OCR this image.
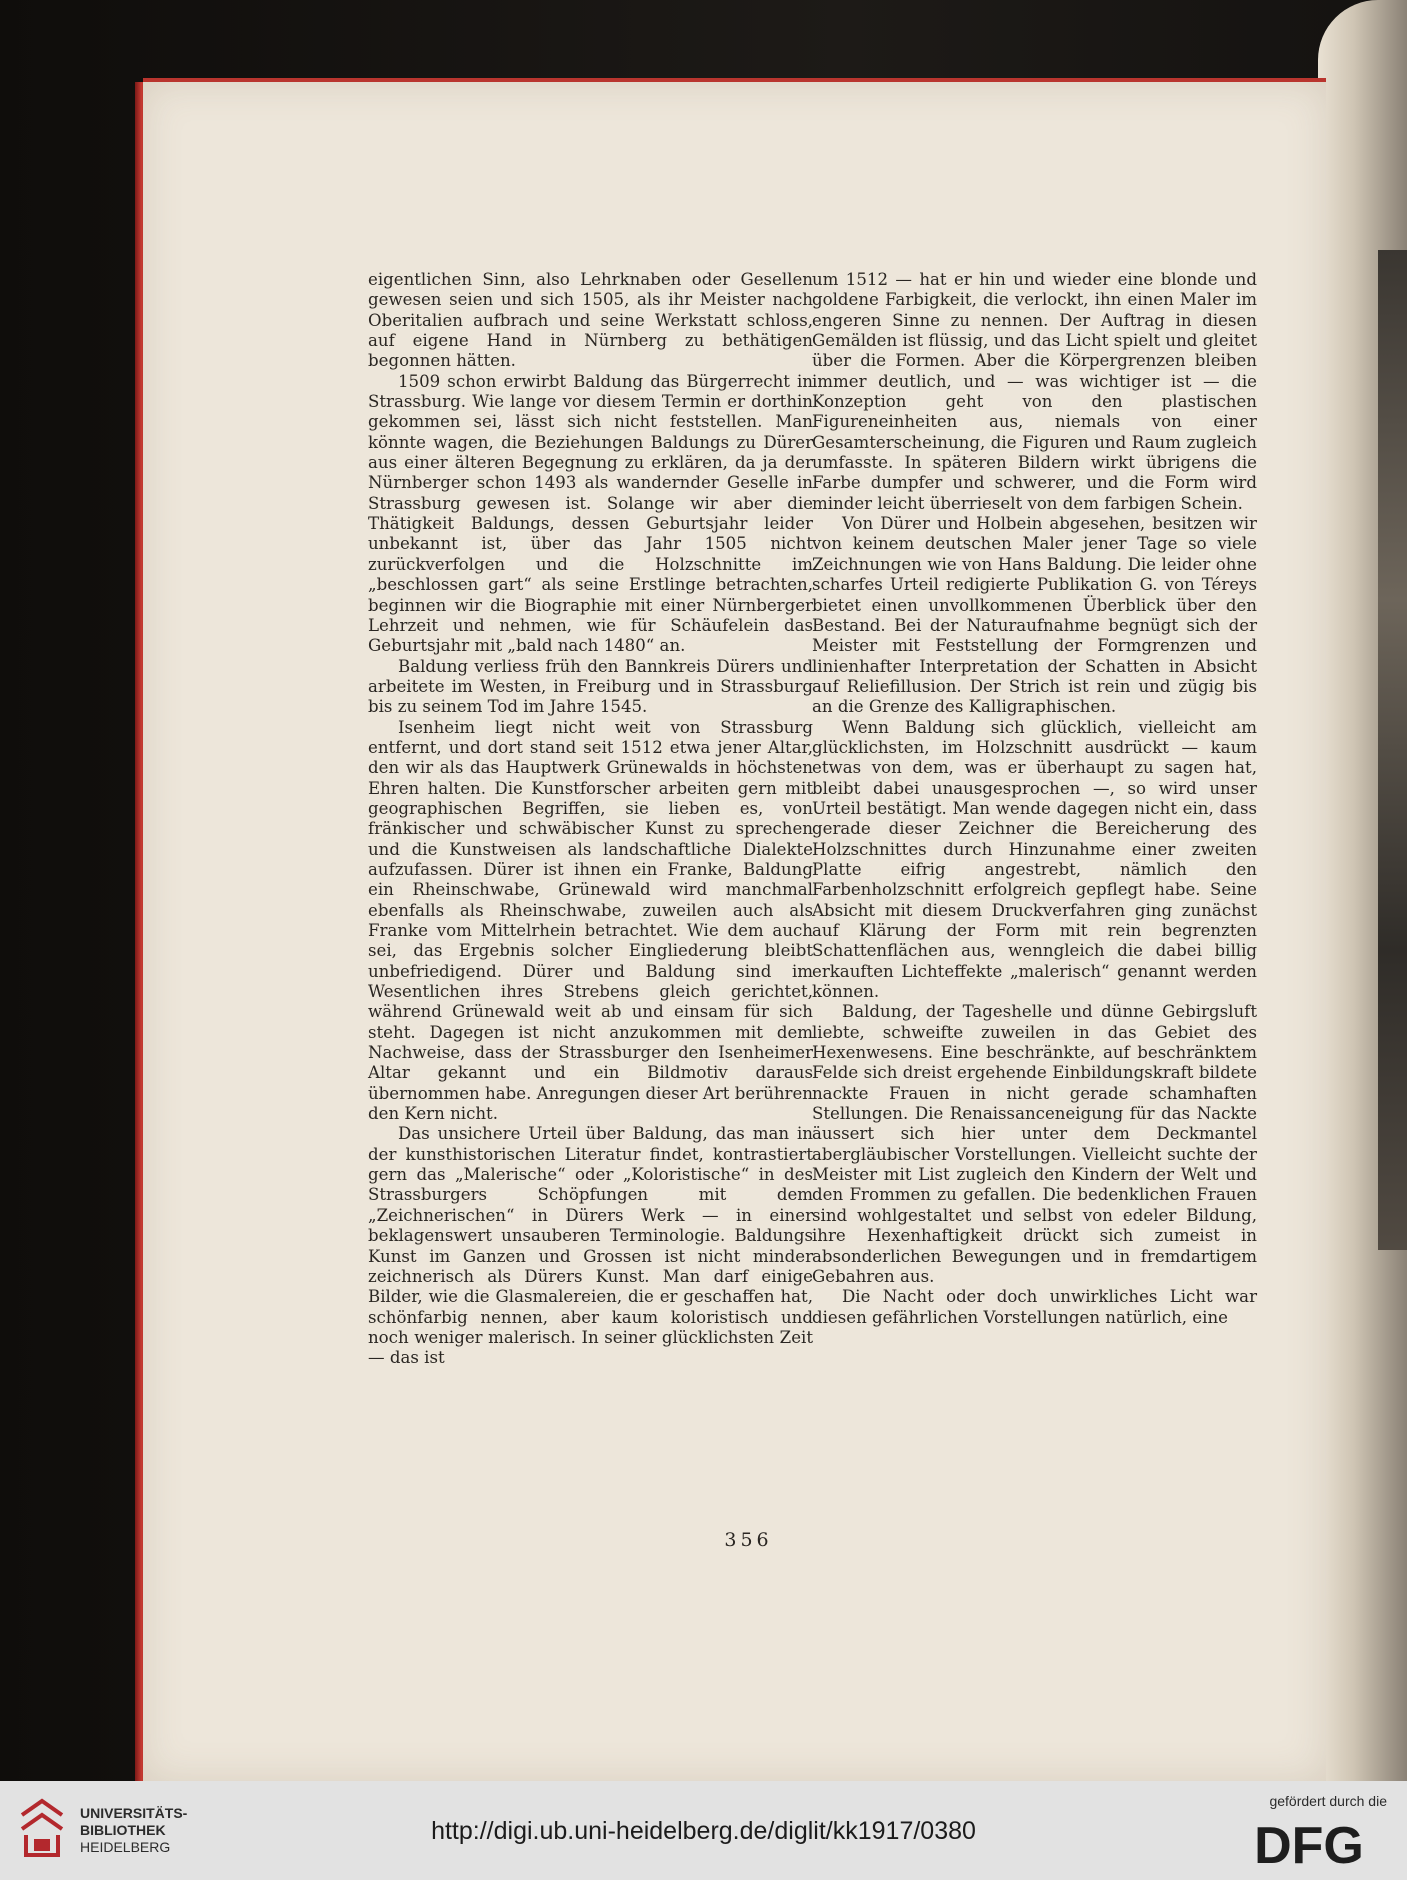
eigentlichen Sinn, also Lehrknaben oder Gesellen gewesen seien und sich 1505, als ihr Meister nach Oberitalien aufbrach und seine Werkstatt schloss, auf eigene Hand in Nürnberg zu bethätigen begonnen hätten.

1509 schon erwirbt Baldung das Bürgerrecht in Strassburg. Wie lange vor diesem Termin er dorthin gekommen sei, lässt sich nicht feststellen. Man könnte wagen, die Beziehungen Baldungs zu Dürer aus einer älteren Begegnung zu erklären, da ja der Nürnberger schon 1493 als wandernder Geselle in Strassburg gewesen ist. Solange wir aber die Thätigkeit Baldungs, dessen Geburtsjahr leider unbekannt ist, über das Jahr 1505 nicht zurückverfolgen und die Holzschnitte im „beschlossen gart“ als seine Erstlinge betrachten, beginnen wir die Biographie mit einer Nürnberger Lehrzeit und nehmen, wie für Schäufelein das Geburtsjahr mit „bald nach 1480“ an.

Baldung verliess früh den Bannkreis Dürers und arbeitete im Westen, in Freiburg und in Strassburg bis zu seinem Tod im Jahre 1545.

Isenheim liegt nicht weit von Strassburg entfernt, und dort stand seit 1512 etwa jener Altar, den wir als das Hauptwerk Grünewalds in höchsten Ehren halten. Die Kunstforscher arbeiten gern mit geographischen Begriffen, sie lieben es, von fränkischer und schwäbischer Kunst zu sprechen und die Kunstweisen als landschaftliche Dialekte aufzufassen. Dürer ist ihnen ein Franke, Baldung ein Rheinschwabe, Grünewald wird manchmal ebenfalls als Rheinschwabe, zuweilen auch als Franke vom Mittelrhein betrachtet. Wie dem auch sei, das Ergebnis solcher Eingliederung bleibt unbefriedigend. Dürer und Baldung sind im Wesentlichen ihres Strebens gleich gerichtet, während Grünewald weit ab und einsam für sich steht. Dagegen ist nicht anzukommen mit dem Nachweise, dass der Strassburger den Isenheimer Altar gekannt und ein Bildmotiv daraus übernommen habe. Anregungen dieser Art berühren den Kern nicht.

Das unsichere Urteil über Baldung, das man in der kunsthistorischen Literatur findet, kontrastiert gern das „Malerische“ oder „Koloristische“ in des Strassburgers Schöpfungen mit dem „Zeichnerischen“ in Dürers Werk — in einer beklagenswert unsauberen Terminologie. Baldungs Kunst im Ganzen und Grossen ist nicht minder zeichnerisch als Dürers Kunst. Man darf einige Bilder, wie die Glasmalereien, die er geschaffen hat, schönfarbig nennen, aber kaum koloristisch und noch weniger malerisch. In seiner glücklichsten Zeit — das ist

um 1512 — hat er hin und wieder eine blonde und goldene Farbigkeit, die verlockt, ihn einen Maler im engeren Sinne zu nennen. Der Auftrag in diesen Gemälden ist flüssig, und das Licht spielt und gleitet über die Formen. Aber die Körpergrenzen bleiben immer deutlich, und — was wichtiger ist — die Konzeption geht von den plastischen Figureneinheiten aus, niemals von einer Gesamterscheinung, die Figuren und Raum zugleich umfasste. In späteren Bildern wirkt übrigens die Farbe dumpfer und schwerer, und die Form wird minder leicht überrieselt von dem farbigen Schein.

Von Dürer und Holbein abgesehen, besitzen wir von keinem deutschen Maler jener Tage so viele Zeichnungen wie von Hans Baldung. Die leider ohne scharfes Urteil redigierte Publikation G. von Téreys bietet einen unvollkommenen Überblick über den Bestand. Bei der Naturaufnahme begnügt sich der Meister mit Feststellung der Formgrenzen und linienhafter Interpretation der Schatten in Absicht auf Reliefillusion. Der Strich ist rein und zügig bis an die Grenze des Kalligraphischen.

Wenn Baldung sich glücklich, vielleicht am glücklichsten, im Holzschnitt ausdrückt — kaum etwas von dem, was er überhaupt zu sagen hat, bleibt dabei unausgesprochen —, so wird unser Urteil bestätigt. Man wende dagegen nicht ein, dass gerade dieser Zeichner die Bereicherung des Holzschnittes durch Hinzunahme einer zweiten Platte eifrig angestrebt, nämlich den Farbenholzschnitt erfolgreich gepflegt habe. Seine Absicht mit diesem Druckverfahren ging zunächst auf Klärung der Form mit rein begrenzten Schattenflächen aus, wenngleich die dabei billig erkauften Lichteffekte „malerisch“ genannt werden können.

Baldung, der Tageshelle und dünne Gebirgsluft liebte, schweifte zuweilen in das Gebiet des Hexenwesens. Eine beschränkte, auf beschränktem Felde sich dreist ergehende Einbildungskraft bildete nackte Frauen in nicht gerade schamhaften Stellungen. Die Renaissanceneigung für das Nackte äussert sich hier unter dem Deckmantel abergläubischer Vorstellungen. Vielleicht suchte der Meister mit List zugleich den Kindern der Welt und den Frommen zu gefallen. Die bedenklichen Frauen sind wohlgestaltet und selbst von edeler Bildung, ihre Hexenhaftigkeit drückt sich zumeist in absonderlichen Bewegungen und in fremdartigem Gebahren aus.

Die Nacht oder doch unwirkliches Licht war diesen gefährlichen Vorstellungen natürlich, eine

356
UNIVERSITÄTS-
BIBLIOTHEK
HEIDELBERG
http://digi.ub.uni-heidelberg.de/diglit/kk1917/0380
gefördert durch die
DFG
